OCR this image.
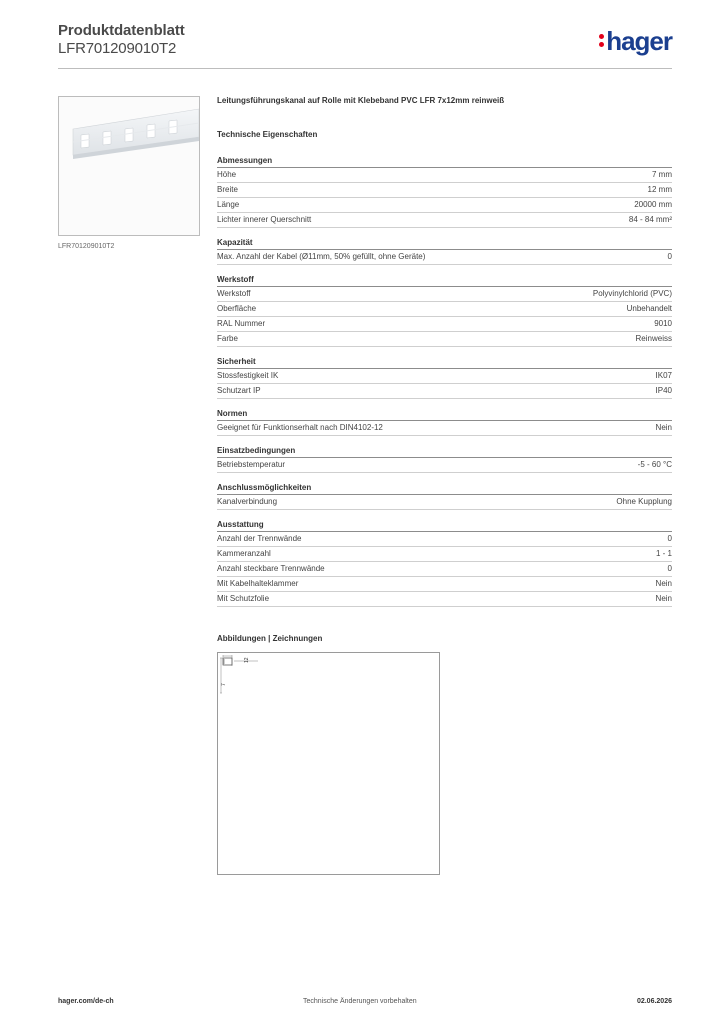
Produktdatenblatt
LFR701209010T2	hager
LFR701209010T2
Leitungsführungskanal auf Rolle mit Klebeband PVC LFR 7x12mm reinweiß
Technische Eigenschaften
Abmessungen
Höhe	7 mm
Breite	12 mm
Länge	20000 mm
Lichter innerer Querschnitt	84 - 84 mm²
Kapazität
Max. Anzahl der Kabel (Ø11mm, 50% gefüllt, ohne Geräte)	0
Werkstoff
Werkstoff	Polyvinylchlorid (PVC)
Oberfläche	Unbehandelt
RAL Nummer	9010
Farbe	Reinweiss
Sicherheit
Stossfestigkeit IK	IK07
Schutzart IP	IP40
Normen
Geeignet für Funktionserhalt nach DIN4102-12	Nein
Einsatzbedingungen
Betriebstemperatur	-5 - 60 °C
Anschlussmöglichkeiten
Kanalverbindung	Ohne Kupplung
Ausstattung
Anzahl der Trennwände	0
Kammeranzahl	1 - 1
Anzahl steckbare Trennwände	0
Mit Kabelhalteklammer	Nein
Mit Schutzfolie	Nein
Abbildungen | Zeichnungen
12
7
hager.com/de-ch	Technische Änderungen vorbehalten	02.06.2026
